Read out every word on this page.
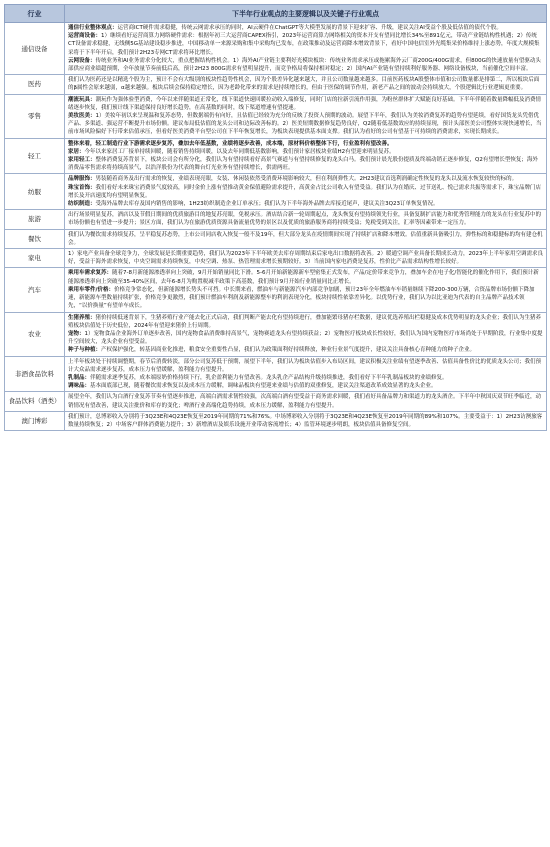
行业	下半年行业观点的主要逻辑以及关键子行业观点
通信设备	通信行业整体观点：运营商ICT硬件需求稳健，传统云网需求承压的同时，AI云硬件在ChatGPT等大模型发展的背景下迎来扩容、升级，建议关注AI受益个股及低估值的债代个股。
运营商设备：1）继续看好运营商算力网络硬件需求：根据年初三大运营商CAPEX指引，2023年运营商算力网络相关的资本开支有望同比增长34%至891亿元，带动产业链结构性机遇；2）传统CT设备需求稳健，无线侧5G基站建设稳步推进，中国移动单一来源采购和集中采购均已发布，在政策推动及运营商降本增效背景下，看好中国电信室外光缆集采价格维持上涨态势，年度大规模集采将于下半年开启，我们预计2H23专网CT需求将环比增长。
云网设备：传统业务和AI业务需求分化较大，重点把握结构性机会。1）海外AI产业链主要利好光模块板块：传统业务需求承压或拖累海外云厂商200G/400G需求，但800G的快速放量有望驱动头部供应商业绩超预期，全年放量节奏前低后高，预计2H23 800G需求有望明显提升，而竞争格局将保持相对稳定；2）国内AI产业链有望持续利好服务器、网络设备板块，当前催化空间丰富。

医药	我们认为医药还是以精选个股为主，预计不会有大级别的板块性趋势性机会，因为个股差异化越来越大，并且公司数量越来越多。目前医药板块A股整体市值和公司数量都是排第二，所以板块后面的β属性会原来越弱，α越来越强。板块后续会保持稳定增长，因为老龄化带来的需求是持续增长的，但由于医保的调节作用，新老产品之间的波动会持续放大，个股逻辑比行业逻辑更重要。

零售	潮流玩具：潮玩作为强体验型消费，今年以来伴随渠道正常化，线下渠道快速回暖拉动收入端修复，同时门店的拉新引流作用强，为粉丝群体扩大赋能良好基础。下半年伴随着数量降幅低及消费情绪逐步恢复，我们预计线下渠道保持良好增长趋势，在高基数的同时，线下渠道增速有望提速。
美妆医美：1）美妆年初以来呈现温和复苏态势，但数据端仍有向好，且估值已经较为充分的反映了投资人预期的波动。展望下半年，我们认为美妆消费复苏的趋势有望延续，看好国货龙头凭借优产品、多渠道、强运营不断提升市场份额。建议布局低估值的龙头公司和边际改善标的。2）医美短期数据修复趋势良好，Q2随着低基数效应的持续显现，预计头部医美公司整体实现快速增长，当前市场风险偏好下行带来估值承压，但看好医美消费平台型公司在下半年恢复增长，为板块表现提供基本面支撑。我们认为看好的公司有望基于可持续的消费需求，实现长期成长。

轻工	整体来看，轻工制造行业下游需求逐步复苏，叠加去年低基数，业绩将逐步改善，成本端，原材料价格整体下行，行业盈利有望改善。
家居：今年以来家居工厂接单持续回暖，随着销售持续回暖，以及去年同期低基数影响，我们预计家居板块业绩H2有望迎来明显复苏。
家用轻工：整体消费复苏背景下，板块公司会有所分化，我们认为有望持续看好高景气赛道与有望持续修复的龙头白马。我们预计晨光股份提质及终端动销正逐步修复，Q2有望增长型恢复；海外消费品零售需求将持续高景气，以浩洋股份为代表的舞台灯光业务有望持续增长，供需两旺。

纺服	品牌服饰：男装随着商务及出行需求的恢复，业绩表现亮眼，女装、休闲装依然受消费环境影响较大，但在利润弹性大。2H23建议首选利润确定性恢复的龙头以及流水恢复较快的标的。
珠宝首饰：我们看好未来珠宝消费景气度较高，同时金价上涨有望推动黄金保值避险需求提升，高黄金占比公司收入有望受益。我们认为在婚庆、过节送礼、悦己需求共振等需求下，珠宝品牌门店增长及开店速度均有望明显恢复。
纺织制造：受海外品牌去库存及国内销售的影响，1H23纺织制造企业订单承压；我们认为下半年海外品牌去库接近尾声，建议关注3Q23订单恢复情况。

旅游	出行场景明显复苏，酒店以及节假日期间的优质旅游目的地复苏亮眼，免税承压。酒店结合新一轮周期起点，龙头恢复有望持续领先行业，具备复制扩店能力和优秀管理能力的龙头在行业复苏中的市场份额也有望进一步提升；景区方面，我们认为在旅游优质资源具备流量优势的景区以及优质的旅游服务商将持续受益；免税受到关注，汇率等因素带来一定压力。

餐饮	我们认为餐饮需求持续复苏，呈平稳复苏态势，上市公司同店收入恢复一般不及19年，但大部分龙头在疫情期间实现了持续扩店和降本增效。估值重新具备吸引力，弹性标的和稳健标的均有建仓机会。

家电	1）家电产业具备全球竞争力，全球发展是长期重要趋势，我们认为2023年下半年欧美去库存周期结束后家电出口数据将改善。2）暖通空调产业具备长期成长动力，2023年上半年家用空调需求良好，受益于海外需求恢复，中央空调需求持续恢复，中央空调、热泵、热管理需求增长预期较好。3）当前国内家电消费是复苏，性价比产品需求结构性增长较好。

汽车	乘用车需求复苏：随着7-8月新能源渗透率向上突破，9月开始销量同比下滑。5-6月开始新能源新车型密集正式发布，产品/定价带来竞争力，叠加车企在电子化/智能化的催化作用下，我们预计新能源渗透率向上突破至35-40%区间，去年6-8月为购置税减半政策下高基数，我们预计9月开始行业销量同比正增长。
乘用车零件/价格：价格竞争常态化，但新能源增长势头不可挡。中长期来看，燃油车与新能源汽车内部竞争加剧，预计23年全年燃油车车销量继续下降200-300万辆，合资品牌市场份额下降加速，新能源车型数量持续扩张，价格竞争更激烈，我们预计燃油车利润及新能源整车的利润表现分化，板块持续性依靠差异化。以优势行业，我们认为以比亚迪为代表的自主品牌产品技术领先，“以价换量”有望单车成长。

农业	生猪养殖：猪价持续低迷背景下，生猪养殖行业产能去化正式启动，我们判断产能去化有望持续进行，叠加能繁母猪存栏数据，建议优选养殖出栏稳健及成本优势明显的龙头企业；我们认为生猪养殖板块估值处于历史低位，2024年有望迎来猪价上行周期。
宠物：1）宠物食品企业海外订单逐步改善，国内宠物食品消费维持高景气，宠物赛道龙头有望持续获益；2）宠物医疗板块成长性较好，我们认为国内宠物医疗市场尚处于早期阶段，行业集中度提升空间较大，龙头企业有望受益。
种子与种植：产权保护强化，转基因商业化推进，粮食安全重要性凸显，我们认为政策面利好持续释放，种业行业景气度提升，建议关注具备核心育种能力的种子企业。

非酒食品饮料	上半年板块处于持续调整期，春节后消费转淡，部分公司复苏低于预期，展望下半年，我们认为板块估值步入布局区间，建议积极关注业绩有望逐季改善、估值具备性价比的优质龙头公司；我们预计大众品需求逐步复苏，成本压力有望缓解，盈利能力有望提升。
乳制品：伴随需求逐季复苏，成本端原奶价格持续下行，乳企盈利能力有望改善。龙头乳企产品结构升级持续推进，我们看好下半年乳制品板块的业绩修复。
调味品：基本面底部已现，随着餐饮需求恢复以及成本压力缓解，调味品板块有望迎来业绩与估值的双重修复，建议关注渠道改革成效显著的龙头企业。

食品饮料（酒类）	展望全年，我们认为白酒行业复苏节奏有望逐步推进，高端白酒需求韧性较强，次高端白酒有望受益于商务需求回暖，我们看好具备品牌力和渠道力的龙头酒企。下半年中秋国庆双节旺季临近，动销情况有望改善，建议关注批价和库存的变化；啤酒行业高端化趋势持续，成本压力缓解，盈利能力有望提升。

澳门博彩	我们预计，总博彩收入分别将于3Q23E和4Q23E恢复至2019年同期的71%和76%。中场博彩收入分别将于3Q23E和4Q23E恢复至2019年同期的89%和107%。主要受益于：1）2H23访澳旅客数量持续恢复；2）中场客户群体消费能力提升；3）新增酒店及娱乐设施开业带动客流增长；4）监管环境逐步明朗，板块估值具备修复空间。
